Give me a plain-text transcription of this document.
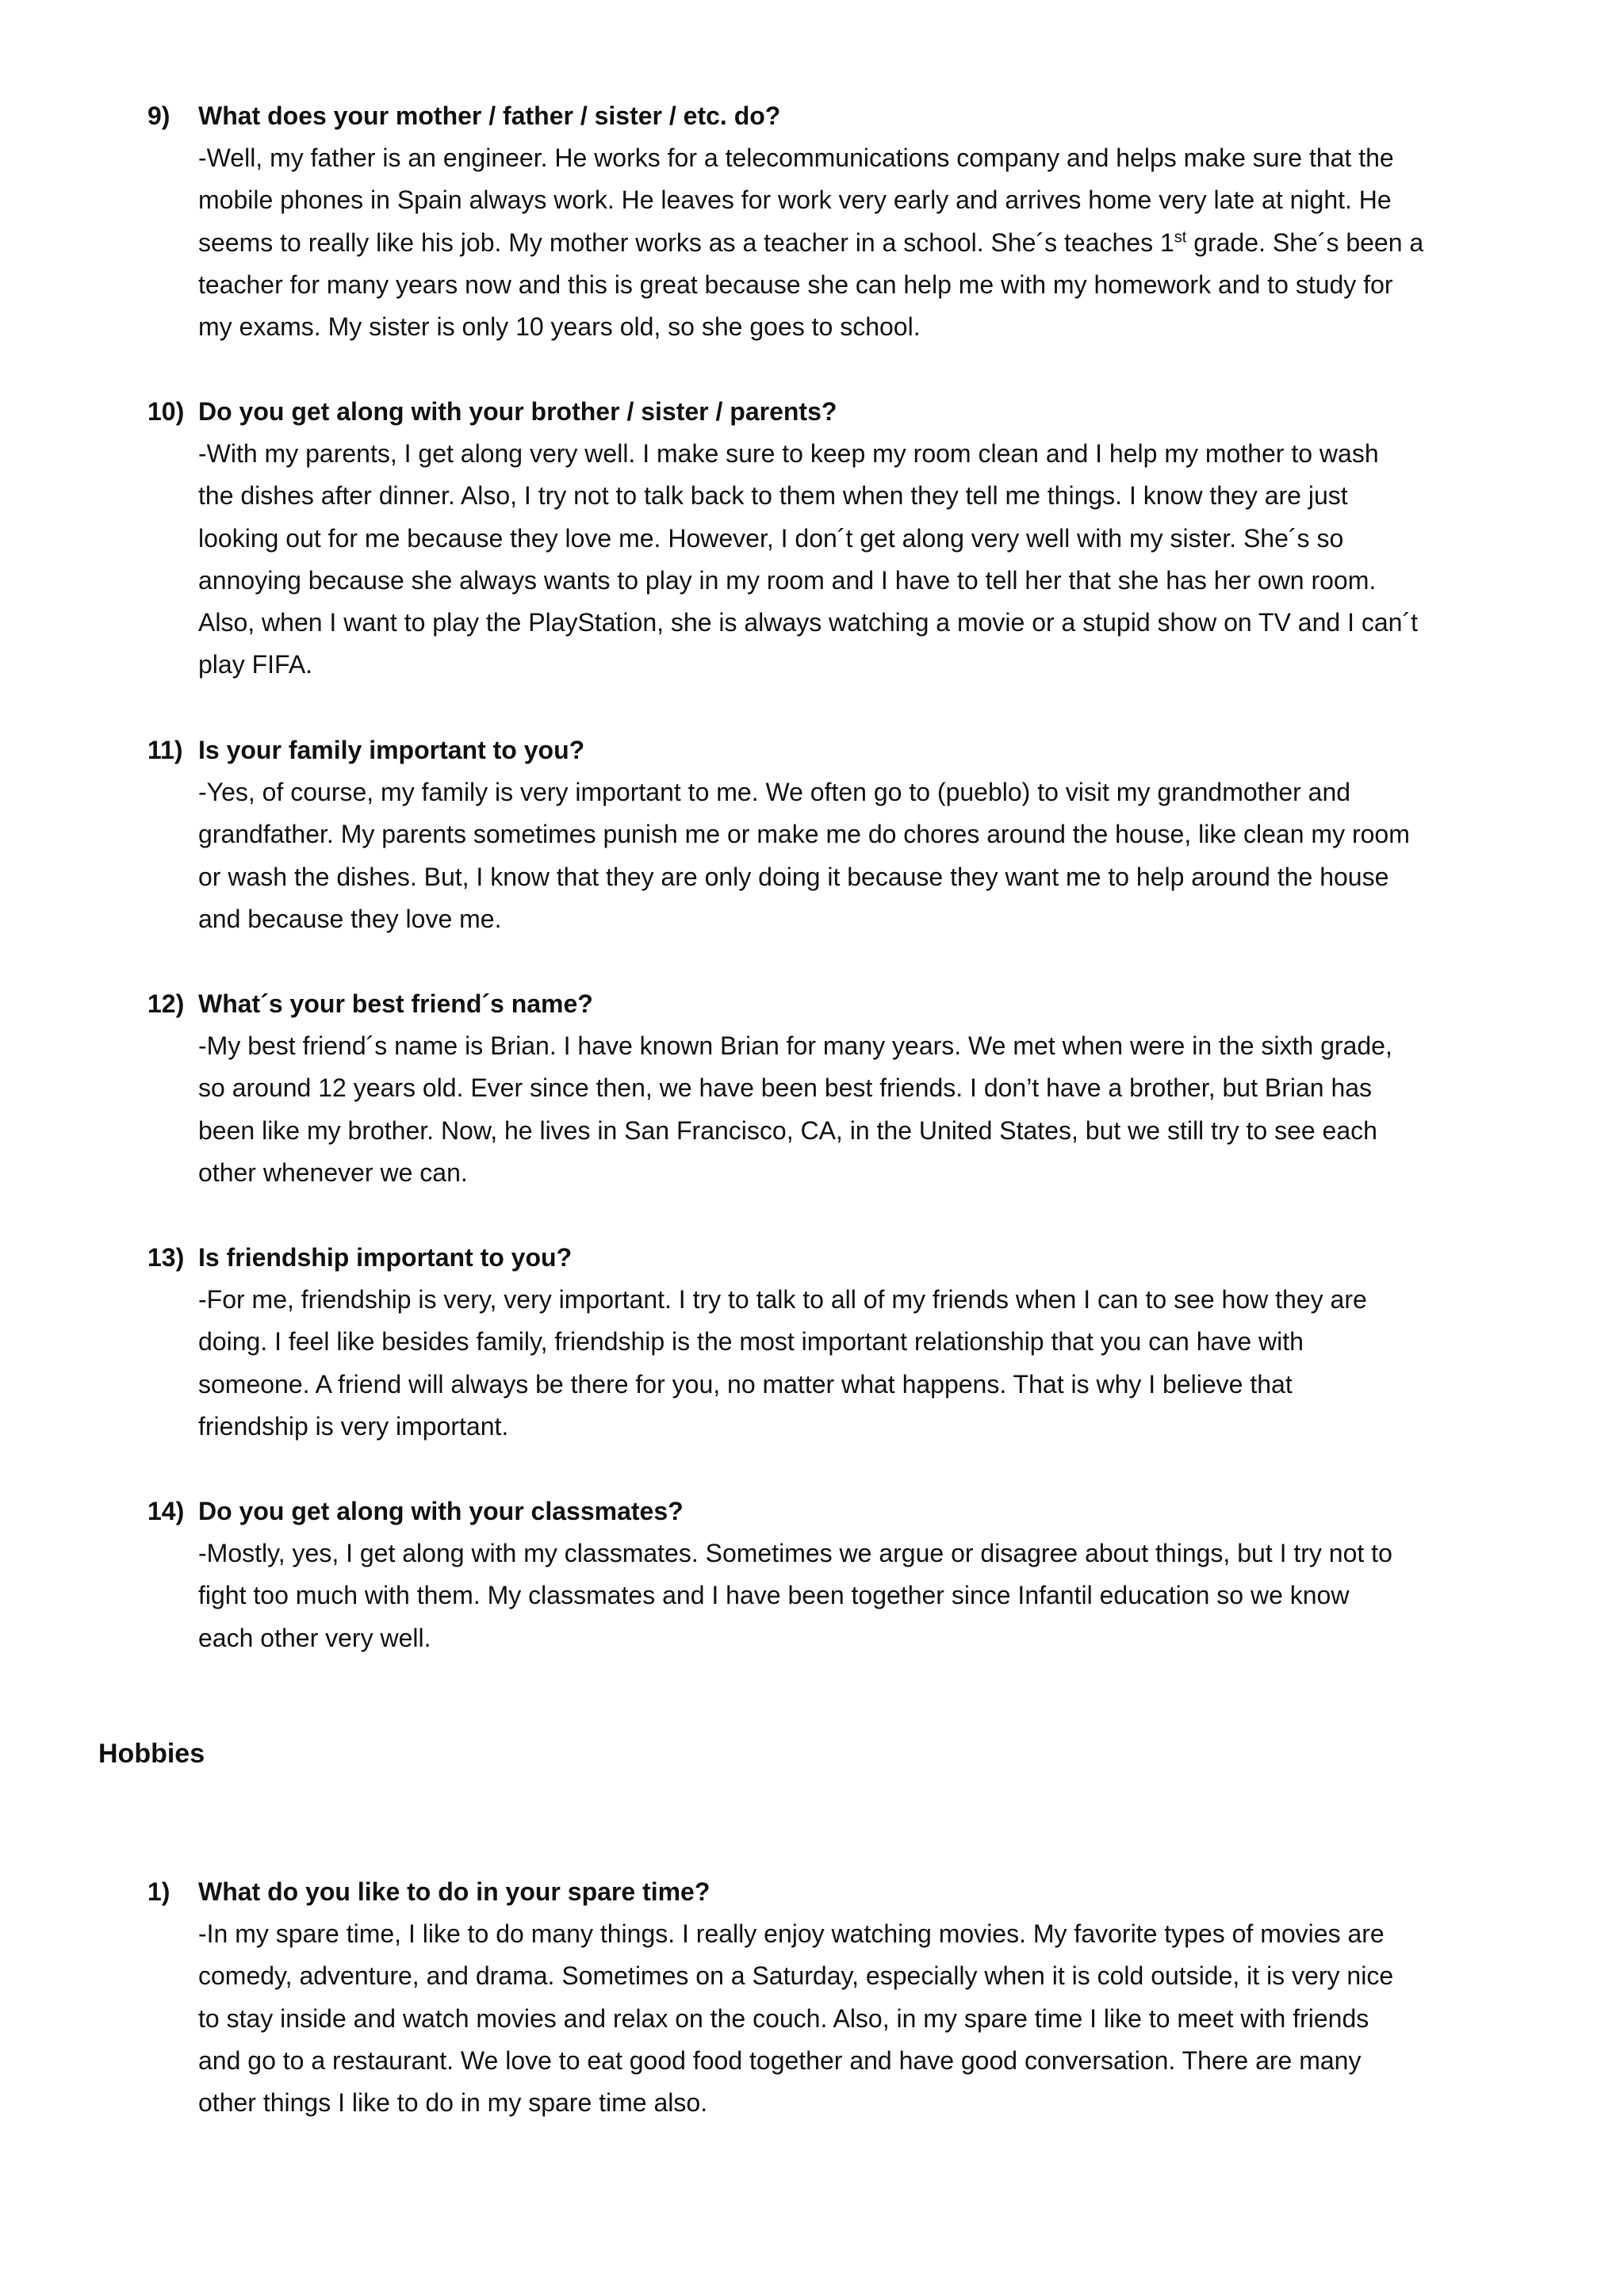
9) What does your mother / father / sister / etc. do?
-Well, my father is an engineer. He works for a telecommunications company and helps make sure that the
mobile phones in Spain always work. He leaves for work very early and arrives home very late at night. He
seems to really like his job. My mother works as a teacher in a school. She´s teaches 1st grade. She´s been a
teacher for many years now and this is great because she can help me with my homework and to study for
my exams. My sister is only 10 years old, so she goes to school.
10) Do you get along with your brother / sister / parents?
-With my parents, I get along very well. I make sure to keep my room clean and I help my mother to wash
the dishes after dinner. Also, I try not to talk back to them when they tell me things. I know they are just
looking out for me because they love me. However, I don´t get along very well with my sister. She´s so
annoying because she always wants to play in my room and I have to tell her that she has her own room.
Also, when I want to play the PlayStation, she is always watching a movie or a stupid show on TV and I can´t
play FIFA.
11) Is your family important to you?
-Yes, of course, my family is very important to me. We often go to (pueblo) to visit my grandmother and
grandfather. My parents sometimes punish me or make me do chores around the house, like clean my room
or wash the dishes. But, I know that they are only doing it because they want me to help around the house
and because they love me.
12) What´s your best friend´s name?
-My best friend´s name is Brian. I have known Brian for many years. We met when were in the sixth grade,
so around 12 years old. Ever since then, we have been best friends. I don’t have a brother, but Brian has
been like my brother. Now, he lives in San Francisco, CA, in the United States, but we still try to see each
other whenever we can.
13) Is friendship important to you?
-For me, friendship is very, very important. I try to talk to all of my friends when I can to see how they are
doing. I feel like besides family, friendship is the most important relationship that you can have with
someone. A friend will always be there for you, no matter what happens. That is why I believe that
friendship is very important.
14) Do you get along with your classmates?
-Mostly, yes, I get along with my classmates. Sometimes we argue or disagree about things, but I try not to
fight too much with them. My classmates and I have been together since Infantil education so we know
each other very well.
Hobbies
1) What do you like to do in your spare time?
-In my spare time, I like to do many things. I really enjoy watching movies. My favorite types of movies are
comedy, adventure, and drama. Sometimes on a Saturday, especially when it is cold outside, it is very nice
to stay inside and watch movies and relax on the couch. Also, in my spare time I like to meet with friends
and go to a restaurant. We love to eat good food together and have good conversation. There are many
other things I like to do in my spare time also.
